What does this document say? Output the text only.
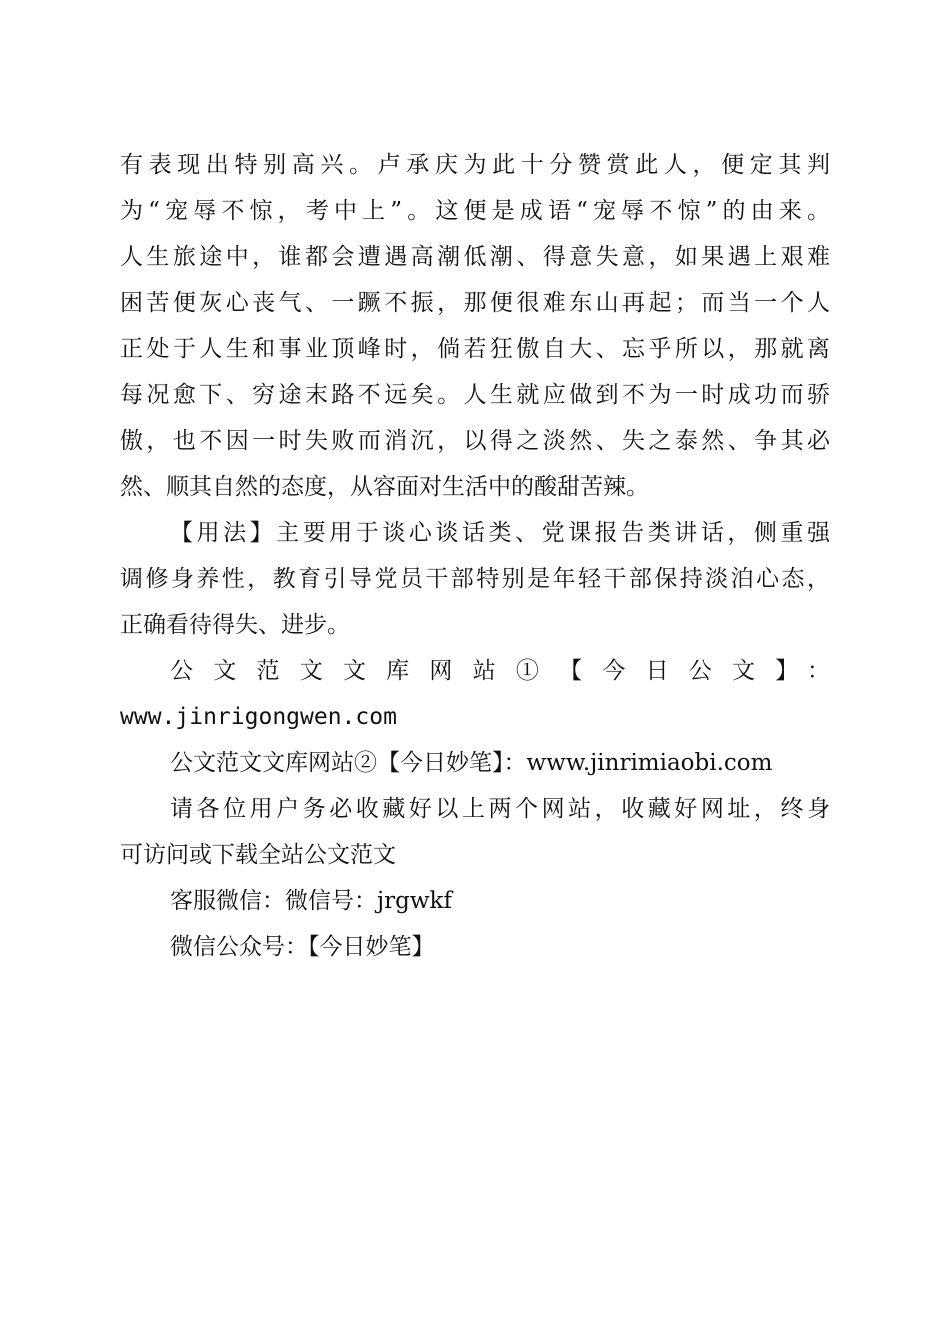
有表现出特别高兴。卢承庆为此十分赞赏此人，便定其判
为“宠辱不惊，考中上”。这便是成语“宠辱不惊”的由来。
人生旅途中，谁都会遭遇高潮低潮、得意失意，如果遇上艰难
困苦便灰心丧气、一蹶不振，那便很难东山再起；而当一个人
正处于人生和事业顶峰时，倘若狂傲自大、忘乎所以，那就离
每况愈下、穷途末路不远矣。人生就应做到不为一时成功而骄
傲，也不因一时失败而消沉，以得之淡然、失之泰然、争其必
然、顺其自然的态度，从容面对生活中的酸甜苦辣。
【用法】主要用于谈心谈话类、党课报告类讲话，侧重强
调修身养性，教育引导党员干部特别是年轻干部保持淡泊心态，
正确看待得失、进步。
公文范文文库网站①【今日公文】：
www.jinrigongwen.com
公文范文文库网站②【今日妙笔】：www.jinrimiaobi.com
请各位用户务必收藏好以上两个网站，收藏好网址，终身
可访问或下载全站公文范文
客服微信：微信号：jrgwkf
微信公众号：【今日妙笔】
